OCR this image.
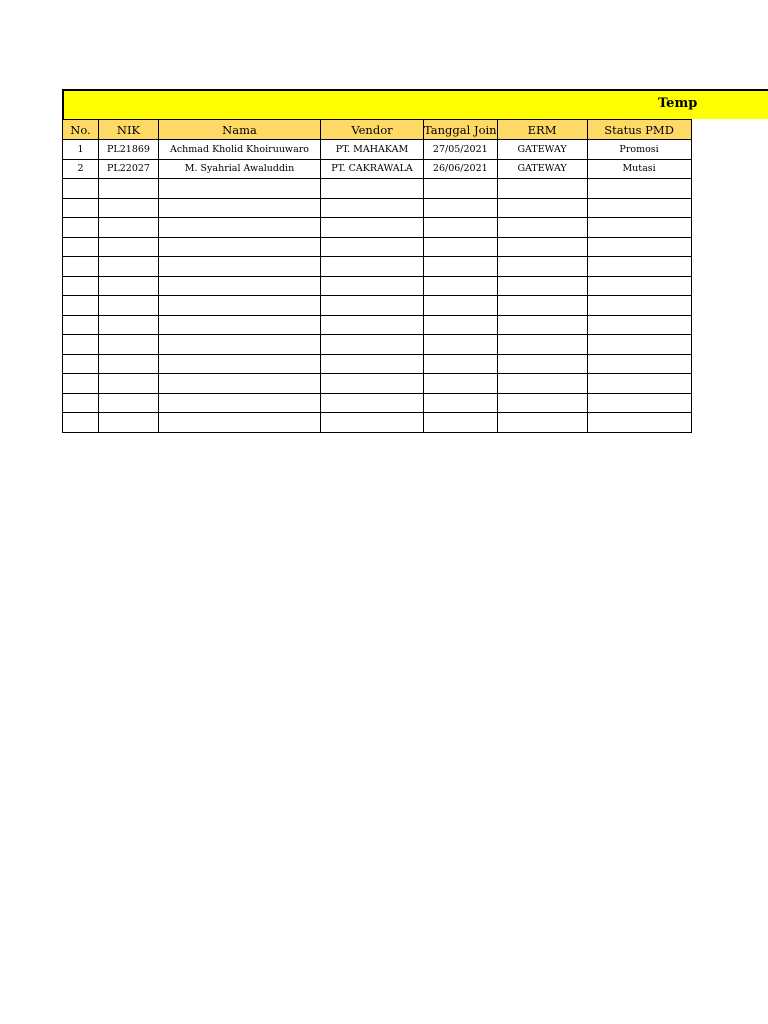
Temp
No.	NIK	Nama	Vendor	Tanggal Join	ERM	Status PMD
1	PL21869	Achmad Kholid Khoiruuwaro	PT. MAHAKAM	27/05/2021	GATEWAY	Promosi
2	PL22027	M. Syahrial Awaluddin	PT. CAKRAWALA	26/06/2021	GATEWAY	Mutasi
